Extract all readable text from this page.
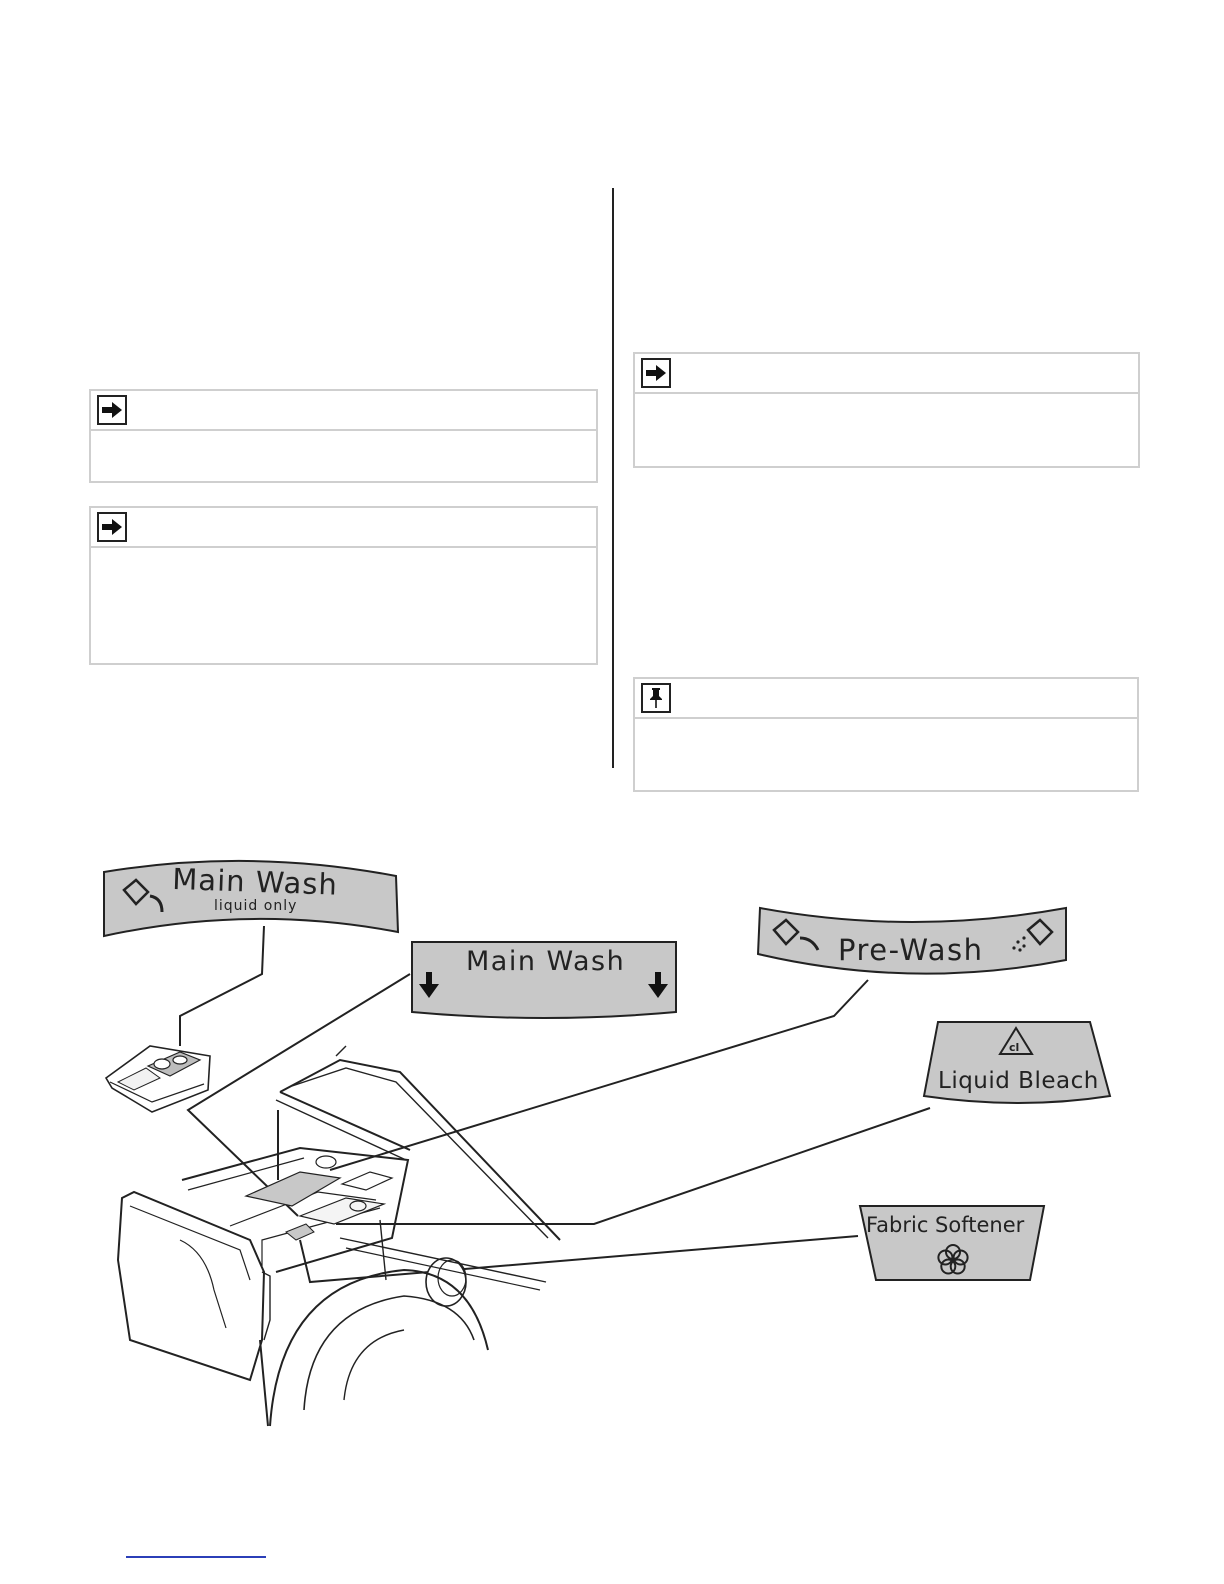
Main Wash
liquid only
Main Wash	Pre-Wash
cl
Liquid Bleach
Fabric Softener
